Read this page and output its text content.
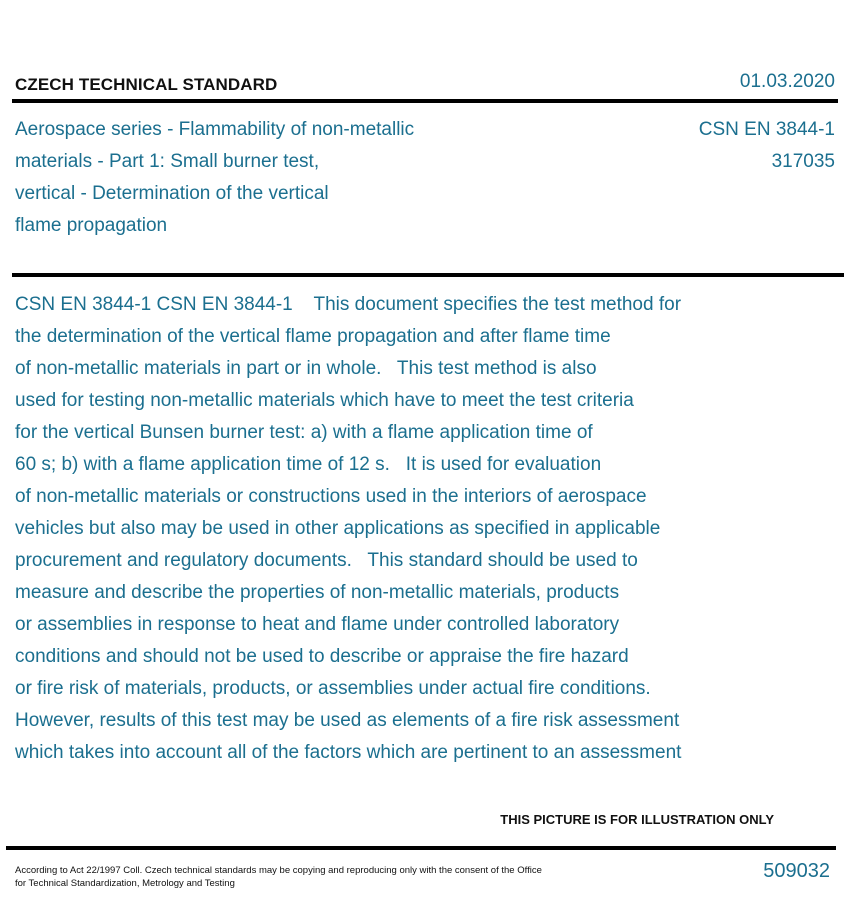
CZECH TECHNICAL STANDARD	01.03.2020
Aerospace series - Flammability of non-metallic
materials - Part 1: Small burner test,
vertical - Determination of the vertical
flame propagation
CSN EN 3844-1
317035
CSN EN 3844-1 CSN EN 3844-1    This document specifies the test method for
the determination of the vertical flame propagation and after flame time
of non-metallic materials in part or in whole.   This test method is also
used for testing non-metallic materials which have to meet the test criteria
for the vertical Bunsen burner test: a) with a flame application time of
60 s; b) with a flame application time of 12 s.   It is used for evaluation
of non-metallic materials or constructions used in the interiors of aerospace
vehicles but also may be used in other applications as specified in applicable
procurement and regulatory documents.   This standard should be used to
measure and describe the properties of non-metallic materials, products
or assemblies in response to heat and flame under controlled laboratory
conditions and should not be used to describe or appraise the fire hazard
or fire risk of materials, products, or assemblies under actual fire conditions.
However, results of this test may be used as elements of a fire risk assessment
which takes into account all of the factors which are pertinent to an assessment
THIS PICTURE IS FOR ILLUSTRATION ONLY
According to Act 22/1997 Coll. Czech technical standards may be copying and reproducing only with the consent of the Office
for Technical Standardization, Metrology and Testing
509032
